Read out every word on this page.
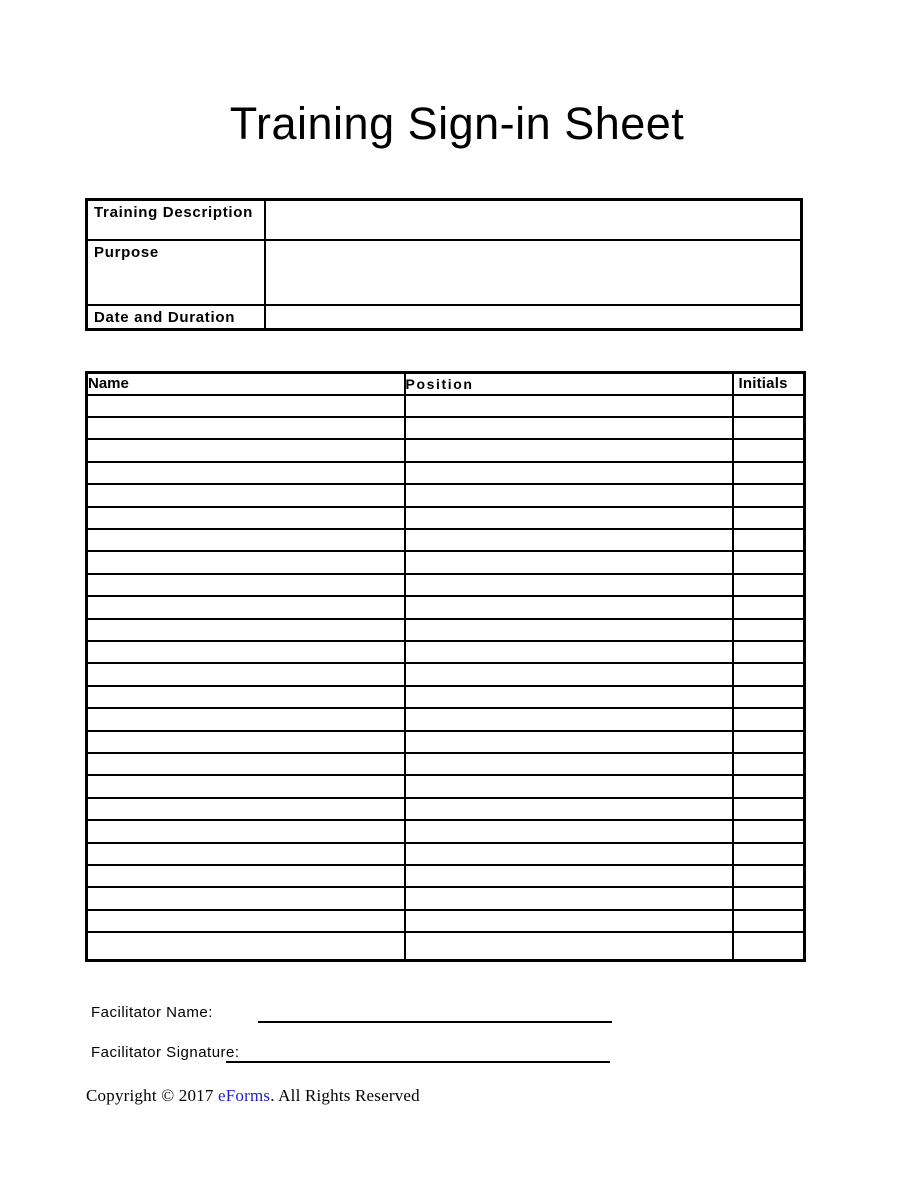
Training Sign-in Sheet
Training Description	
Purpose	
Date and Duration	
Name	Position	Initials

Facilitator Name:
Facilitator Signature:
Copyright © 2017 eForms. All Rights Reserved
